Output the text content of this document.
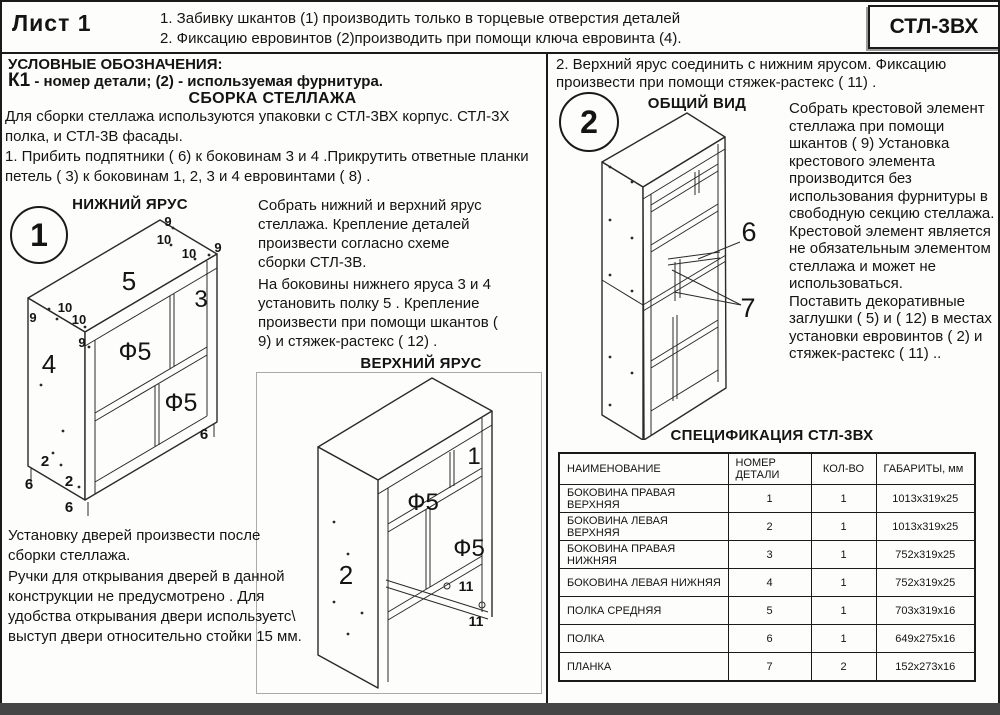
Лист 1	1. Забивку шкантов (1) производить только в торцевые отверстия деталей
2. Фиксацию евровинтов (2)производить при помощи ключа евровинта (4).
СТЛ-3ВХ
УСЛОВНЫЕ ОБОЗНАЧЕНИЯ:
К1 - номер детали; (2) - используемая фурнитура.
СБОРКА СТЕЛЛАЖА
Для сборки стеллажа используются упаковки с СТЛ-3ВХ корпус. СТЛ-3Х полка, и СТЛ-3В фасады.
1. Прибить подпятники ( 6) к боковинам 3 и 4 .Прикрутить ответные планки петель ( 3) к боковинам 1, 2, 3 и 4 евровинтами ( 8) .
1
НИЖНИЙ ЯРУС
5
3
4 Ф5
Ф5
9
10
10 9
10
9	10
9
2
2
6
6
6
Собрать нижний и верхний ярус стеллажа. Крепление деталей произвести согласно схеме сборки СТЛ-3В.
На боковины нижнего яруса 3 и 4 установить полку 5 . Крепление произвести при помощи шкантов ( 9) и стяжек-растекс ( 12) .
ВЕРХНИЙ ЯРУС
1
Ф5
Ф5
2	11
11
Установку дверей произвести после сборки стеллажа.
Ручки для открывания дверей в данной конструкции не предусмотрено . Для удобства открывания двери используетс\ выступ двери относительно стойки 15 мм.
2. Верхний ярус соединить с нижним ярусом. Фиксацию произвести при помощи стяжек-растекс ( 11) .
2	ОБЩИЙ ВИД
6
7
Собрать крестовой элемент стеллажа при помощи шкантов ( 9) Установка крестового элемента производится без использования фурнитуры в свободную секцию стеллажа. Крестовой элемент является не обязательным элементом стеллажа и может не использоваться.
Поставить декоративные заглушки ( 5) и ( 12) в местах установки евровинтов ( 2) и стяжек-растекс ( 11) ..
СПЕЦИФИКАЦИЯ СТЛ-3ВХ
НАИМЕНОВАНИЕ	НОМЕР ДЕТАЛИ	КОЛ-ВО	ГАБАРИТЫ, мм
БОКОВИНА ПРАВАЯ ВЕРХНЯЯ	1	1	1013x319x25
БОКОВИНА ЛЕВАЯ ВЕРХНЯЯ	2	1	1013x319x25
БОКОВИНА ПРАВАЯ НИЖНЯЯ	3	1	752x319x25
БОКОВИНА ЛЕВАЯ НИЖНЯЯ	4	1	752x319x25
ПОЛКА СРЕДНЯЯ	5	1	703x319x16
ПОЛКА	6	1	649x275x16
ПЛАНКА	7	2	152x273x16
